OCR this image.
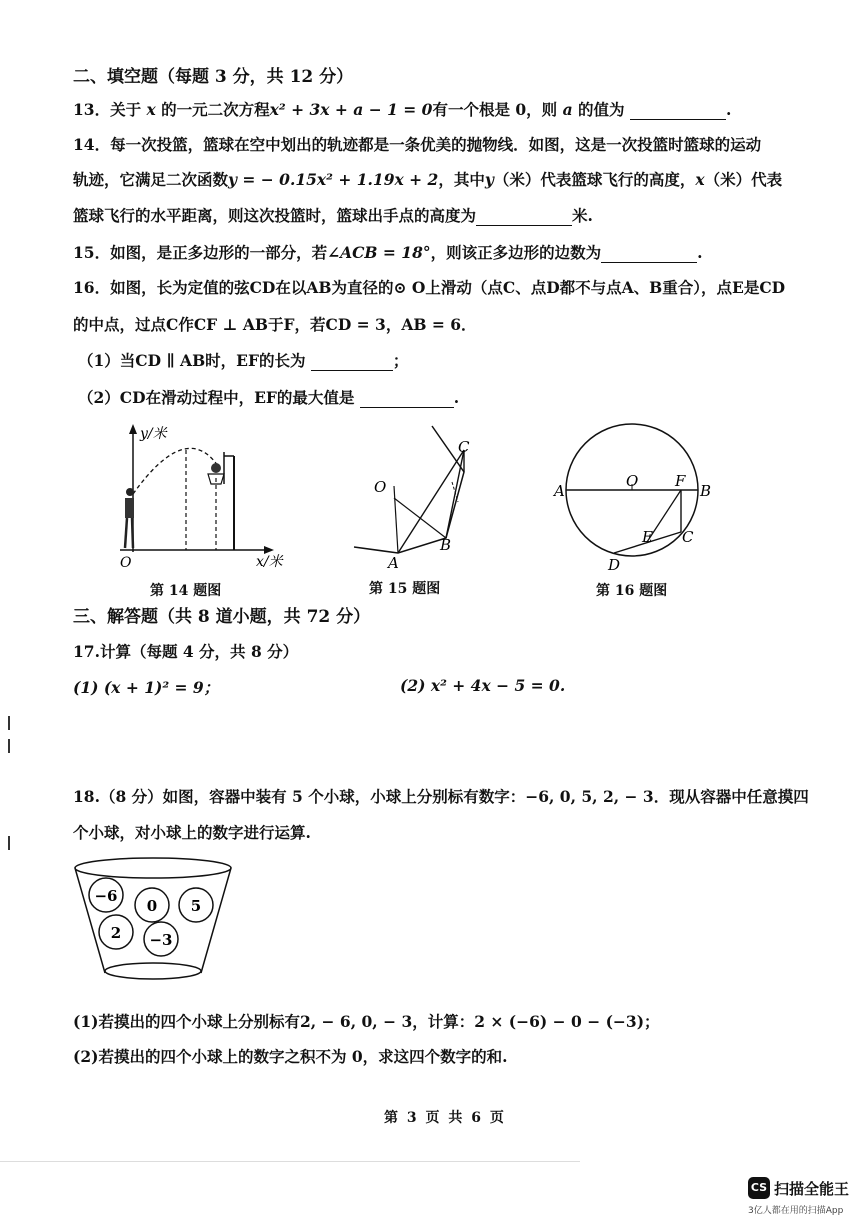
二、填空题（每题 3 分，共 12 分）
13．关于 x 的一元二次方程x² + 3x + a − 1 = 0有一个根是 0，则 a 的值为	.
14．每一次投篮，篮球在空中划出的轨迹都是一条优美的抛物线．如图，这是一次投篮时篮球的运动
轨迹，它满足二次函数y = − 0.15x² + 1.19x + 2，其中y（米）代表篮球飞行的高度，x（米）代表
篮球飞行的水平距离，则这次投篮时，篮球出手点的高度为	米.
15．如图，是正多边形的一部分，若∠ACB = 18°，则该正多边形的边数为	.
16．如图，长为定值的弦CD在以AB为直径的⊙ O上滑动（点C、点D都不与点A、B重合），点E是CD
的中点，过点C作CF ⊥ AB于F，若CD = 3，AB = 6．
（1）当CD ∥ AB时，EF的长为	；
（2）CD在滑动过程中，EF的最大值是	.
y/米
x/米
O
第 14 题图
O
A
B
C
第 15 题图
A	B
O F
E C
D
第 16 题图
三、解答题（共 8 道小题，共 72 分）
17.计算（每题 4 分，共 8 分）
(1) (x + 1)² = 9；	(2) x² + 4x − 5 = 0.
18.（8 分）如图，容器中装有 5 个小球，小球上分别标有数字：−6, 0, 5, 2, − 3．现从容器中任意摸四
个小球，对小球上的数字进行运算.
−6
0 5
2 −3
(1)若摸出的四个小球上分别标有2, − 6, 0, − 3，计算：2 × (−6) − 0 − (−3)；
(2)若摸出的四个小球上的数字之积不为 0，求这四个数字的和.
第 3 页 共 6 页
CS 扫描全能王
3亿人都在用的扫描App
